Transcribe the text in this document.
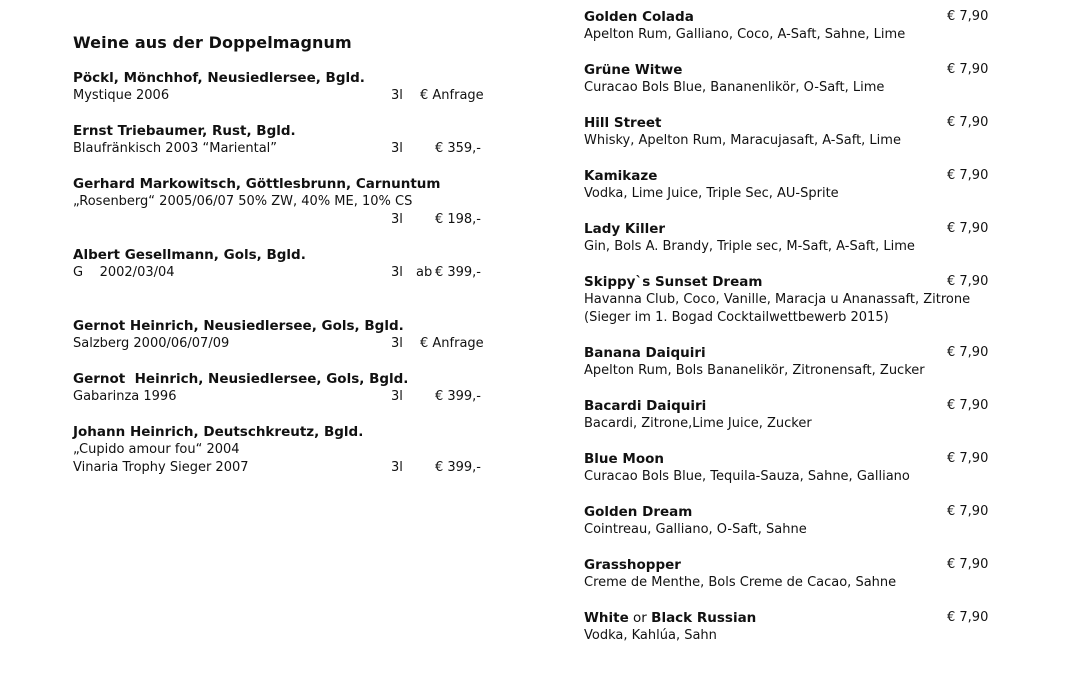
Weine aus der Doppelmagnum
Pöckl, Mönchhof, Neusiedlersee, Bgld.
Mystique 2006	3l € Anfrage
Ernst Triebaumer, Rust, Bgld.
Blaufränkisch 2003 “Mariental”	3l	€ 359,-
Gerhard Markowitsch, Göttlesbrunn, Carnuntum
„Rosenberg“ 2005/06/07 50% ZW, 40% ME, 10% CS
3l	€ 198,-
Albert Gesellmann, Gols, Bgld.
G    2002/03/04	3l ab € 399,-
Gernot Heinrich, Neusiedlersee, Gols, Bgld.
Salzberg 2000/06/07/09	3l € Anfrage
Gernot  Heinrich, Neusiedlersee, Gols, Bgld.
Gabarinza 1996	3l	€ 399,-
Johann Heinrich, Deutschkreutz, Bgld.
„Cupido amour fou“ 2004
Vinaria Trophy Sieger 2007	3l	€ 399,-
Golden Colada	€ 7,90
Apelton Rum, Galliano, Coco, A-Saft, Sahne, Lime
Grüne Witwe	€ 7,90
Curacao Bols Blue, Bananenlikör, O-Saft, Lime
Hill Street	€ 7,90
Whisky, Apelton Rum, Maracujasaft, A-Saft, Lime
Kamikaze	€ 7,90
Vodka, Lime Juice, Triple Sec, AU-Sprite
Lady Killer	€ 7,90
Gin, Bols A. Brandy, Triple sec, M-Saft, A-Saft, Lime
Skippy`s Sunset Dream	€ 7,90
Havanna Club, Coco, Vanille, Maracja u Ananassaft, Zitrone
(Sieger im 1. Bogad Cocktailwettbewerb 2015)
Banana Daiquiri	€ 7,90
Apelton Rum, Bols Bananelikör, Zitronensaft, Zucker
Bacardi Daiquiri	€ 7,90
Bacardi, Zitrone,Lime Juice, Zucker
Blue Moon	€ 7,90
Curacao Bols Blue, Tequila-Sauza, Sahne, Galliano
Golden Dream	€ 7,90
Cointreau, Galliano, O-Saft, Sahne
Grasshopper	€ 7,90
Creme de Menthe, Bols Creme de Cacao, Sahne
White or Black Russian	€ 7,90
Vodka, Kahlúa, Sahn
